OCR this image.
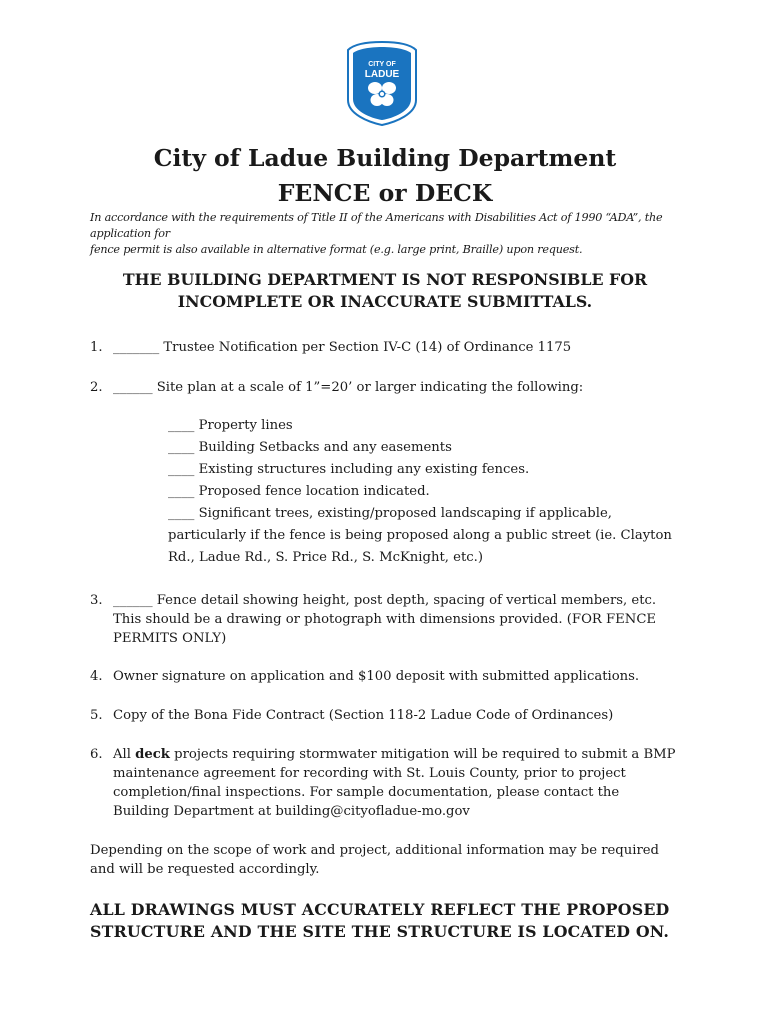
CITY OF
LADUE
City of Ladue Building Department
FENCE or DECK
In accordance with the requirements of Title II of the Americans with Disabilities Act of 1990 “ADA”, the application for
fence permit is also available in alternative format (e.g. large print, Braille) upon request.
THE BUILDING DEPARTMENT IS NOT RESPONSIBLE FOR
INCOMPLETE OR INACCURATE SUBMITTALS.
1. _______ Trustee Notification per Section IV-C (14) of Ordinance 1175
2. ______ Site plan at a scale of 1”=20’ or larger indicating the following:
____ Property lines
____ Building Setbacks and any easements
____ Existing structures including any existing fences.
____ Proposed fence location indicated.
____ Significant trees, existing/proposed landscaping if applicable,
particularly if the fence is being proposed along a public street (ie. Clayton
Rd., Ladue Rd., S. Price Rd., S. McKnight, etc.)
3. ______ Fence detail showing height, post depth, spacing of vertical members, etc.
This should be a drawing or photograph with dimensions provided. (FOR FENCE
PERMITS ONLY)
4. Owner signature on application and $100 deposit with submitted applications.
5. Copy of the Bona Fide Contract (Section 118-2 Ladue Code of Ordinances)
6. All deck projects requiring stormwater mitigation will be required to submit a BMP
maintenance agreement for recording with St. Louis County, prior to project
completion/final inspections. For sample documentation, please contact the
Building Department at building@cityofladue-mo.gov
Depending on the scope of work and project, additional information may be required
and will be requested accordingly.
ALL DRAWINGS MUST ACCURATELY REFLECT THE PROPOSED
STRUCTURE AND THE SITE THE STRUCTURE IS LOCATED ON.
